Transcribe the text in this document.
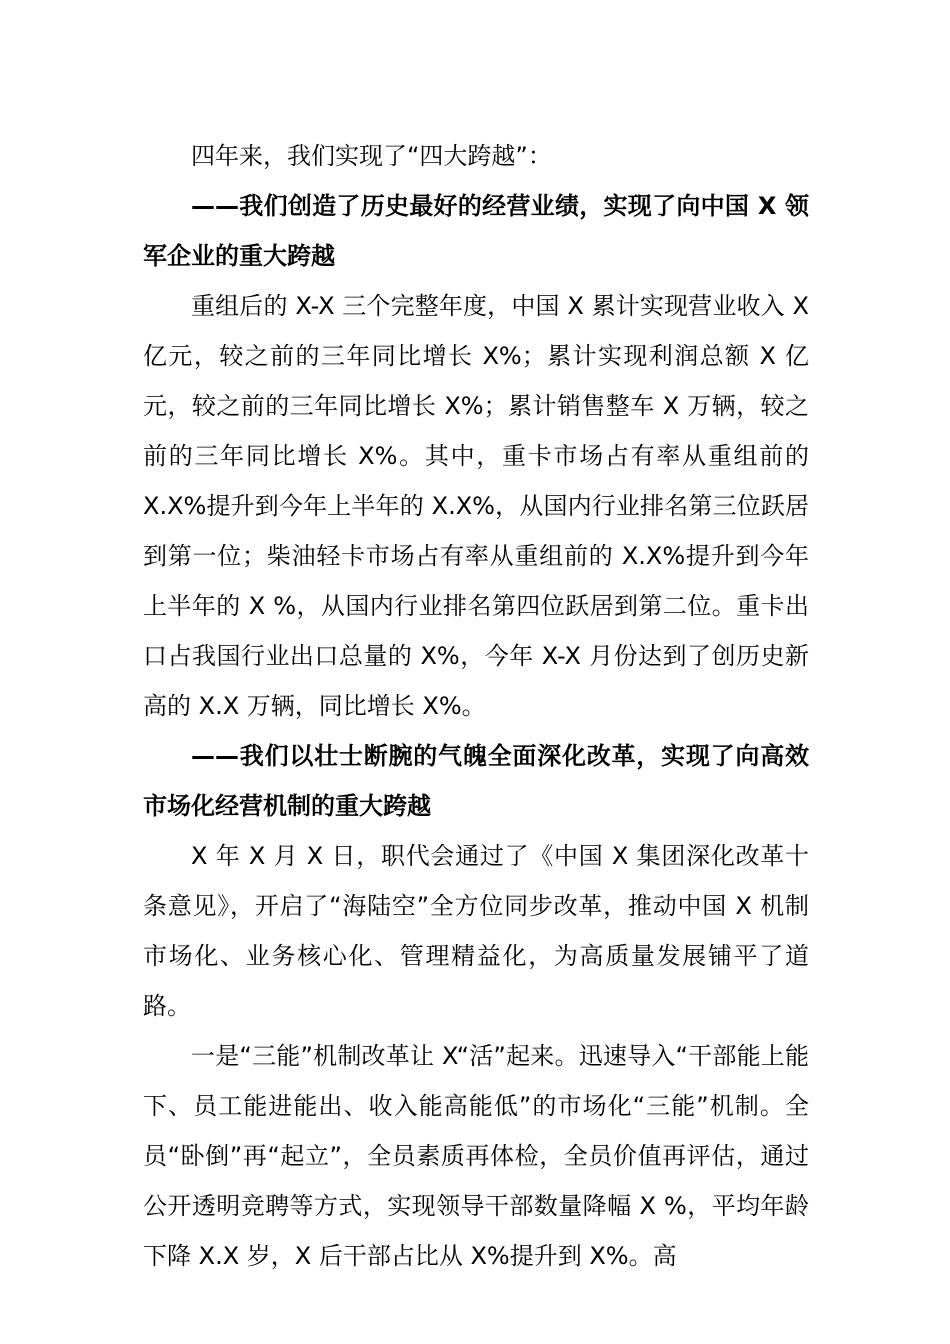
四年来，我们实现了“四大跨越”：

——我们创造了历史最好的经营业绩，实现了向中国 X 领军企业的重大跨越

重组后的 X-X 三个完整年度，中国 X 累计实现营业收入 X 亿元，较之前的三年同比增长 X%；累计实现利润总额 X 亿元，较之前的三年同比增长 X%；累计销售整车 X 万辆，较之前的三年同比增长 X%。其中，重卡市场占有率从重组前的 X.X%提升到今年上半年的 X.X%，从国内行业排名第三位跃居到第一位；柴油轻卡市场占有率从重组前的 X.X%提升到今年上半年的 X %，从国内行业排名第四位跃居到第二位。重卡出口占我国行业出口总量的 X%，今年 X-X 月份达到了创历史新高的 X.X 万辆，同比增长 X%。

——我们以壮士断腕的气魄全面深化改革，实现了向高效市场化经营机制的重大跨越

X 年 X 月 X 日，职代会通过了《中国 X 集团深化改革十条意见》，开启了“海陆空”全方位同步改革，推动中国 X 机制市场化、业务核心化、管理精益化，为高质量发展铺平了道路。

一是“三能”机制改革让 X“活”起来。迅速导入“干部能上能下、员工能进能出、收入能高能低”的市场化“三能”机制。全员“卧倒”再“起立”，全员素质再体检，全员价值再评估，通过公开透明竞聘等方式，实现领导干部数量降幅 X %，平均年龄下降 X.X 岁，X 后干部占比从 X%提升到 X%。高
